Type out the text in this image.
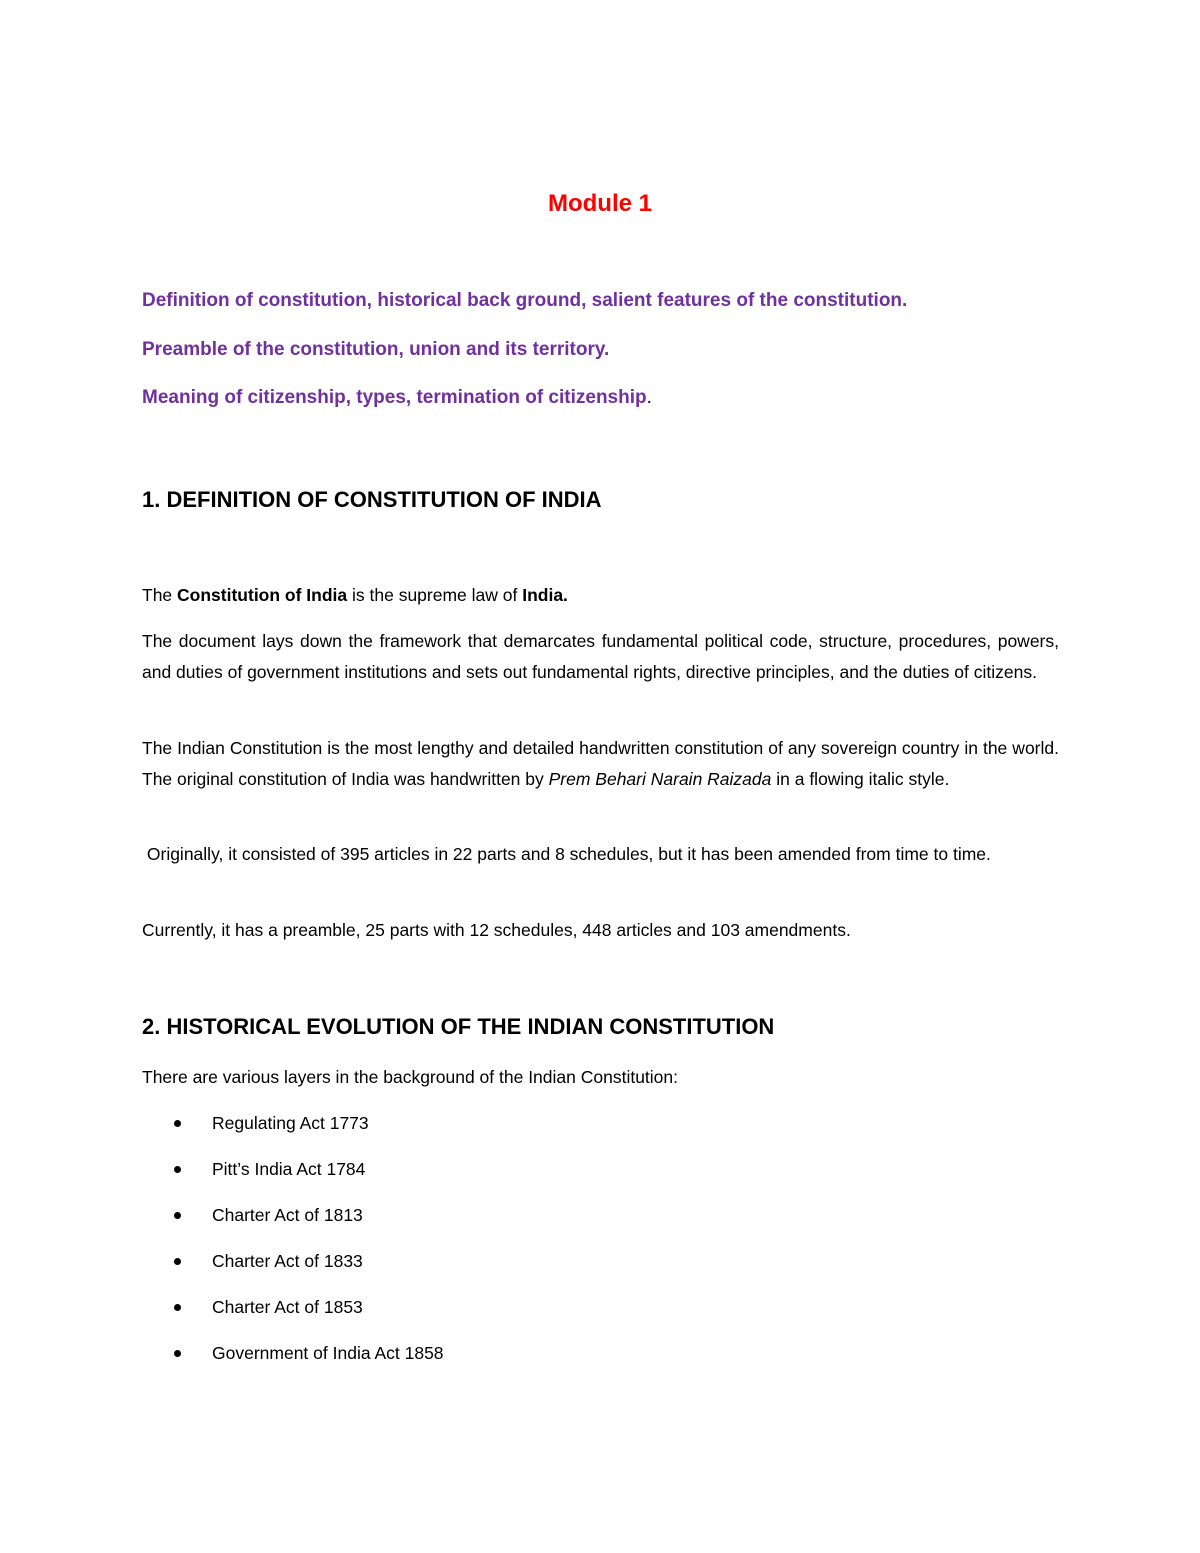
Module 1
Definition of constitution, historical back ground, salient features of the constitution.
Preamble of the constitution, union and its territory.
Meaning of citizenship, types, termination of citizenship.
1. DEFINITION OF CONSTITUTION OF INDIA
The Constitution of India is the supreme law of India.
The document lays down the framework that demarcates fundamental political code, structure, procedures, powers, and duties of government institutions and sets out fundamental rights, directive principles, and the duties of citizens.
The Indian Constitution is the most lengthy and detailed handwritten constitution of any sovereign country in the world. The original constitution of India was handwritten by Prem Behari Narain Raizada in a flowing italic style.
Originally, it consisted of 395 articles in 22 parts and 8 schedules, but it has been amended from time to time.
Currently, it has a preamble, 25 parts with 12 schedules, 448 articles and 103 amendments.
2. HISTORICAL EVOLUTION OF THE INDIAN CONSTITUTION
There are various layers in the background of the Indian Constitution:
Regulating Act 1773
Pitt’s India Act 1784
Charter Act of 1813
Charter Act of 1833
Charter Act of 1853
Government of India Act 1858
